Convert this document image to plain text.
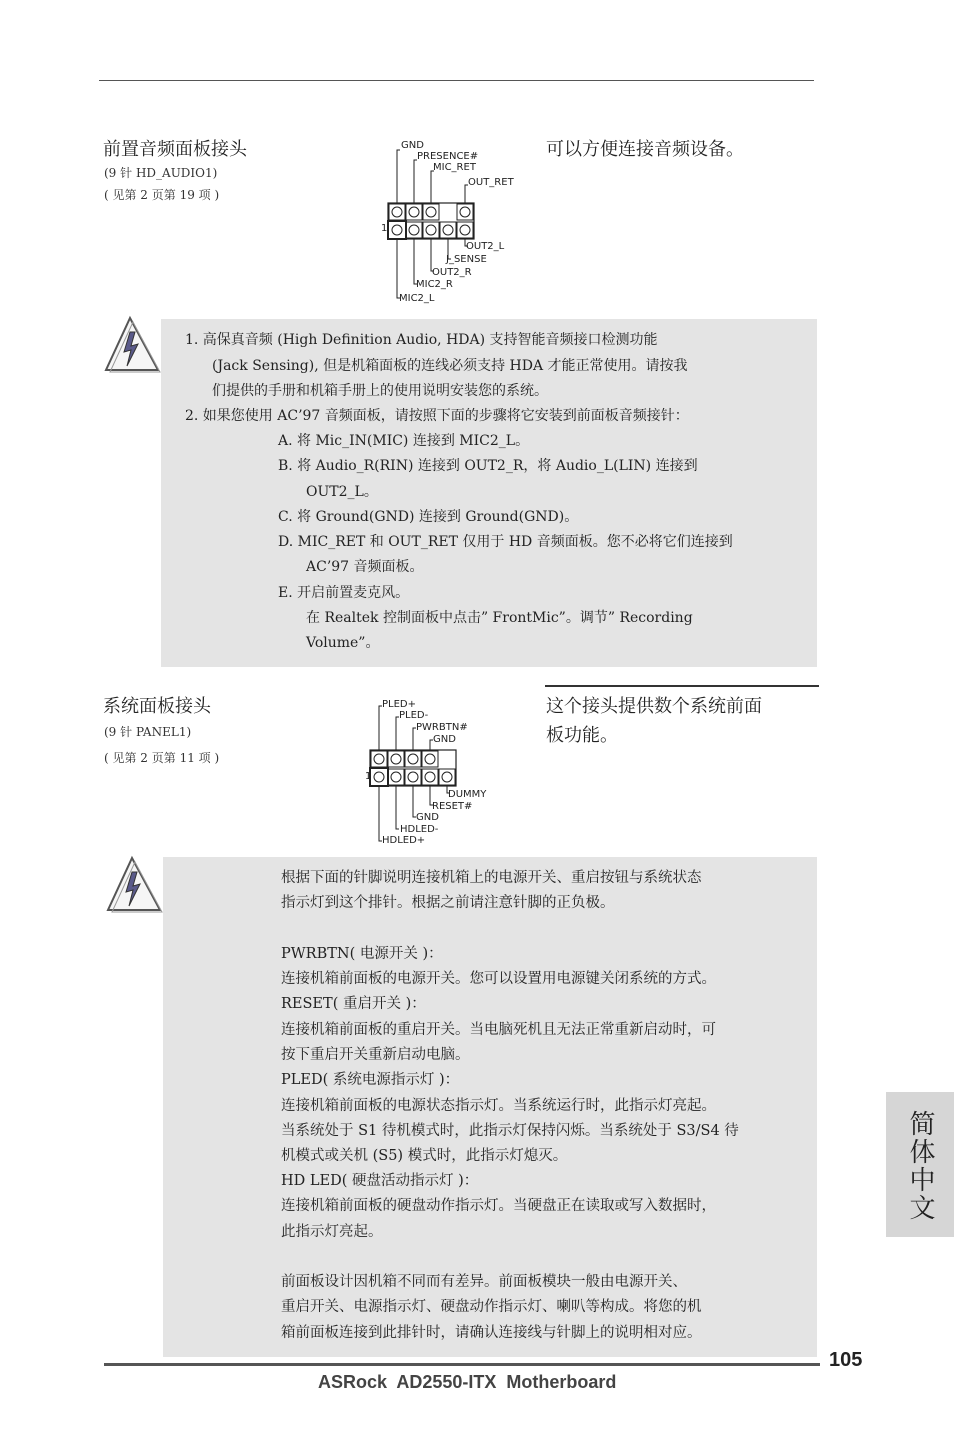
前置音频面板接头
(9 针 HD_AUDIO1)
( 见第 2 页第 19 项 )
可以方便连接音频设备。
GND
PRESENCE#
MIC_RET
OUT_RET
OUT2_L
J_SENSE
OUT2_R
MIC2_R
MIC2_L
1
1. 高保真音频 (High Definition Audio, HDA) 支持智能音频接口检测功能
(Jack Sensing), 但是机箱面板的连线必须支持 HDA 才能正常使用。请按我
们提供的手册和机箱手册上的使用说明安装您的系统。
2. 如果您使用 AC’97 音频面板，请按照下面的步骤将它安装到前面板音频接针：
A. 将 Mic_IN(MIC) 连接到 MIC2_L。
B. 将 Audio_R(RIN) 连接到 OUT2_R，将 Audio_L(LIN) 连接到
OUT2_L。
C. 将 Ground(GND) 连接到 Ground(GND)。
D. MIC_RET 和 OUT_RET 仅用于 HD 音频面板。您不必将它们连接到
AC’97 音频面板。
E. 开启前置麦克风。
在 Realtek 控制面板中点击” FrontMic”。调节” Recording
Volume”。
系统面板接头
(9 针 PANEL1)
( 见第 2 页第 11 项 )
这个接头提供数个系统前面
板功能。
PLED+
PLED-
PWRBTN#
GND
DUMMY
RESET#
GND
HDLED-
HDLED+
1
根据下面的针脚说明连接机箱上的电源开关、重启按钮与系统状态
指示灯到这个排针。根据之前请注意针脚的正负极。
PWRBTN( 电源开关 )：
连接机箱前面板的电源开关。您可以设置用电源键关闭系统的方式。
RESET( 重启开关 )：
连接机箱前面板的重启开关。当电脑死机且无法正常重新启动时，可
按下重启开关重新启动电脑。
PLED( 系统电源指示灯 )：
连接机箱前面板的电源状态指示灯。当系统运行时，此指示灯亮起。
当系统处于 S1 待机模式时，此指示灯保持闪烁。当系统处于 S3/S4 待
机模式或关机 (S5) 模式时，此指示灯熄灭。
HD LED( 硬盘活动指示灯 )：
连接机箱前面板的硬盘动作指示灯。当硬盘正在读取或写入数据时，
此指示灯亮起。
前面板设计因机箱不同而有差异。前面板模块一般由电源开关、
重启开关、电源指示灯、硬盘动作指示灯、喇叭等构成。将您的机
箱前面板连接到此排针时，请确认连接线与针脚上的说明相对应。
简体中文
105
ASRock  AD2550-ITX  Motherboard
